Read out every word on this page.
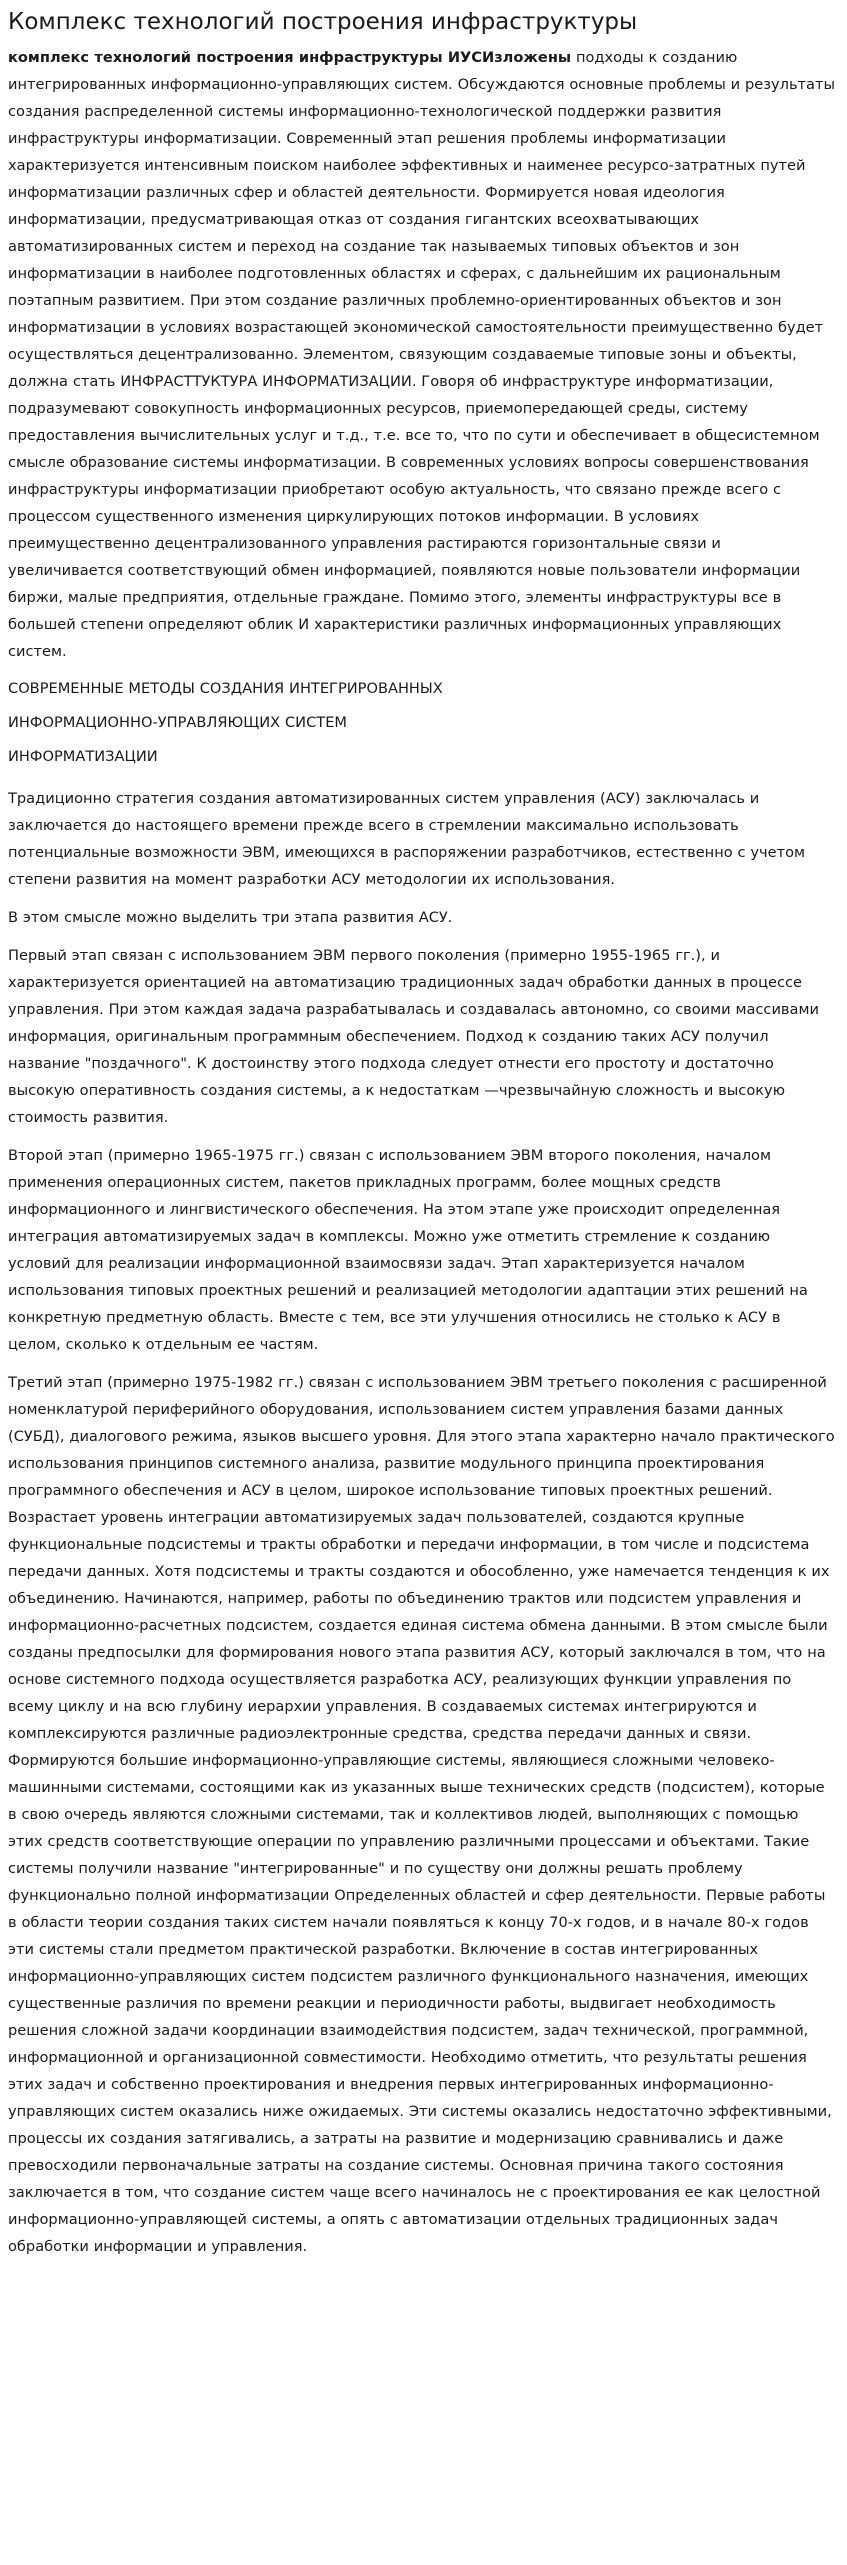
Комплекс технологий построения инфраструктуры

комплекс технологий построения инфраструктуры ИУСИзложены подходы к созданию интегрированных информационно-управляющих систем. Обсуждаются основные проблемы и результаты создания распределенной системы информационно-технологической поддержки развития инфраструктуры информатизации. Современный этап решения проблемы информатизации характеризуется интенсивным поиском наиболее эффективных и наименее ресурсо-затратных путей информатизации различных сфер и областей деятельности. Формируется новая идеология информатизации, предусматривающая отказ от создания гигантских всеохватывающих автоматизированных систем и переход на создание так называемых типовых объектов и зон информатизации в наиболее подготовленных областях и сферах, с дальнейшим их рациональным поэтапным развитием. При этом создание различных проблемно-ориентированных объектов и зон информатизации в условиях возрастающей экономической самостоятельности преимущественно будет осуществляться децентрализованно. Элементом, связующим создаваемые типовые зоны и объекты, должна стать ИНФРАСТТУКТУРА ИНФОРМАТИЗАЦИИ. Говоря об инфраструктуре информатизации, подразумевают совокупность информационных ресурсов, приемопередающей среды, систему предоставления вычислительных услуг и т.д., т.е. все то, что по сути и обеспечивает в общесистемном смысле образование системы информатизации. В современных условиях вопросы совершенствования инфраструктуры информатизации приобретают особую актуальность, что связано прежде всего с процессом существенного изменения циркулирующих потоков информации. В условиях преимущественно децентрализованного управления растираются горизонтальные связи и увеличивается соответствующий обмен информацией, появляются новые пользователи информации биржи, малые предприятия, отдельные граждане. Помимо этого, элементы инфраструктуры все в большей степени определяют облик И характеристики различных информационных управляющих систем.

СОВРЕМЕННЫЕ МЕТОДЫ СОЗДАНИЯ ИНТЕГРИРОВАННЫХ

ИНФОРМАЦИОННО-УПРАВЛЯЮЩИХ СИСТЕМ

ИНФОРМАТИЗАЦИИ

Традиционно стратегия создания автоматизированных систем управления (АСУ) заключалась и заключается до настоящего времени прежде всего в стремлении максимально использовать потенциальные возможности ЭВМ, имеющихся в распоряжении разработчиков, естественно с учетом степени развития на момент разработки АСУ методологии их использования.

В этом смысле можно выделить три этапа развития АСУ.

Первый этап связан с использованием ЭВМ первого поколения (примерно 1955-1965 гг.), и характеризуется ориентацией на автоматизацию традиционных задач обработки данных в процессе управления. При этом каждая задача разрабатывалась и создавалась автономно, со своими массивами информация, оригинальным программным обеспечением. Подход к созданию таких АСУ получил название "поздачного". К достоинству этого подхода следует отнести его простоту и достаточно высокую оперативность создания системы, а к недостаткам —чрезвычайную сложность и высокую стоимость развития.

Второй этап (примерно 1965-1975 гг.) связан с использованием ЭВМ второго поколения, началом применения операционных систем, пакетов прикладных программ, более мощных средств информационного и лингвистического обеспечения. На этом этапе уже происходит определенная интеграция автоматизируемых задач в комплексы. Можно уже отметить стремление к созданию условий для реализации информационной взаимосвязи задач. Этап характеризуется началом использования типовых проектных решений и реализацией методологии адаптации этих решений на конкретную предметную область. Вместе с тем, все эти улучшения относились не столько к АСУ в целом, сколько к отдельным ее частям.

Третий этап (примерно 1975-1982 гг.) связан с использованием ЭВМ третьего поколения с расширенной номенклатурой периферийного оборудования, использованием систем управления базами данных (СУБД), диалогового режима, языков высшего уровня. Для этого этапа характерно начало практического использования принципов системного анализа, развитие модульного принципа проектирования программного обеспечения и АСУ в целом, широкое использование типовых проектных решений. Возрастает уровень интеграции автоматизируемых задач пользователей, создаются крупные функциональные подсистемы и тракты обработки и передачи информации, в том числе и подсистема передачи данных. Хотя подсистемы и тракты создаются и обособленно, уже намечается тенденция к их объединению. Начинаются, например, работы по объединению трактов или подсистем управления и информационно-расчетных подсистем, создается единая система обмена данными. В этом смысле были созданы предпосылки для формирования нового этапа развития АСУ, который заключался в том, что на основе системного подхода осуществляется разработка АСУ, реализующих функции управления по всему циклу и на всю глубину иерархии управления. В создаваемых системах интегрируются и комплексируются различные радиоэлектронные средства, средства передачи данных и связи. Формируются большие информационно-управляющие системы, являющиеся сложными человеко-машинными системами, состоящими как из указанных выше технических средств (подсистем), которые в свою очередь являются сложными системами, так и коллективов людей, выполняющих с помощью этих средств соответствующие операции по управлению различными процессами и объектами. Такие системы получили название "интегрированные" и по существу они должны решать проблему функционально полной информатизации Определенных областей и сфер деятельности. Первые работы в области теории создания таких систем начали появляться к концу 70-х годов, и в начале 80-х годов эти системы стали предметом практической разработки. Включение в состав интегрированных информационно-управляющих систем подсистем различного функционального назначения, имеющих существенные различия по времени реакции и периодичности работы, выдвигает необходимость решения сложной задачи координации взаимодействия подсистем, задач технической, программной, информационной и организационной совместимости. Необходимо отметить, что результаты решения этих задач и собственно проектирования и внедрения первых интегрированных информационно-управляющих систем оказались ниже ожидаемых. Эти системы оказались недостаточно эффективными, процессы их создания затягивались, а затраты на развитие и модернизацию сравнивались и даже превосходили первоначальные затраты на создание системы. Основная причина такого состояния заключается в том, что создание систем чаще всего начиналось не с проектирования ее как целостной информационно-управляющей системы, а опять с автоматизации отдельных традиционных задач обработки информации и управления.
